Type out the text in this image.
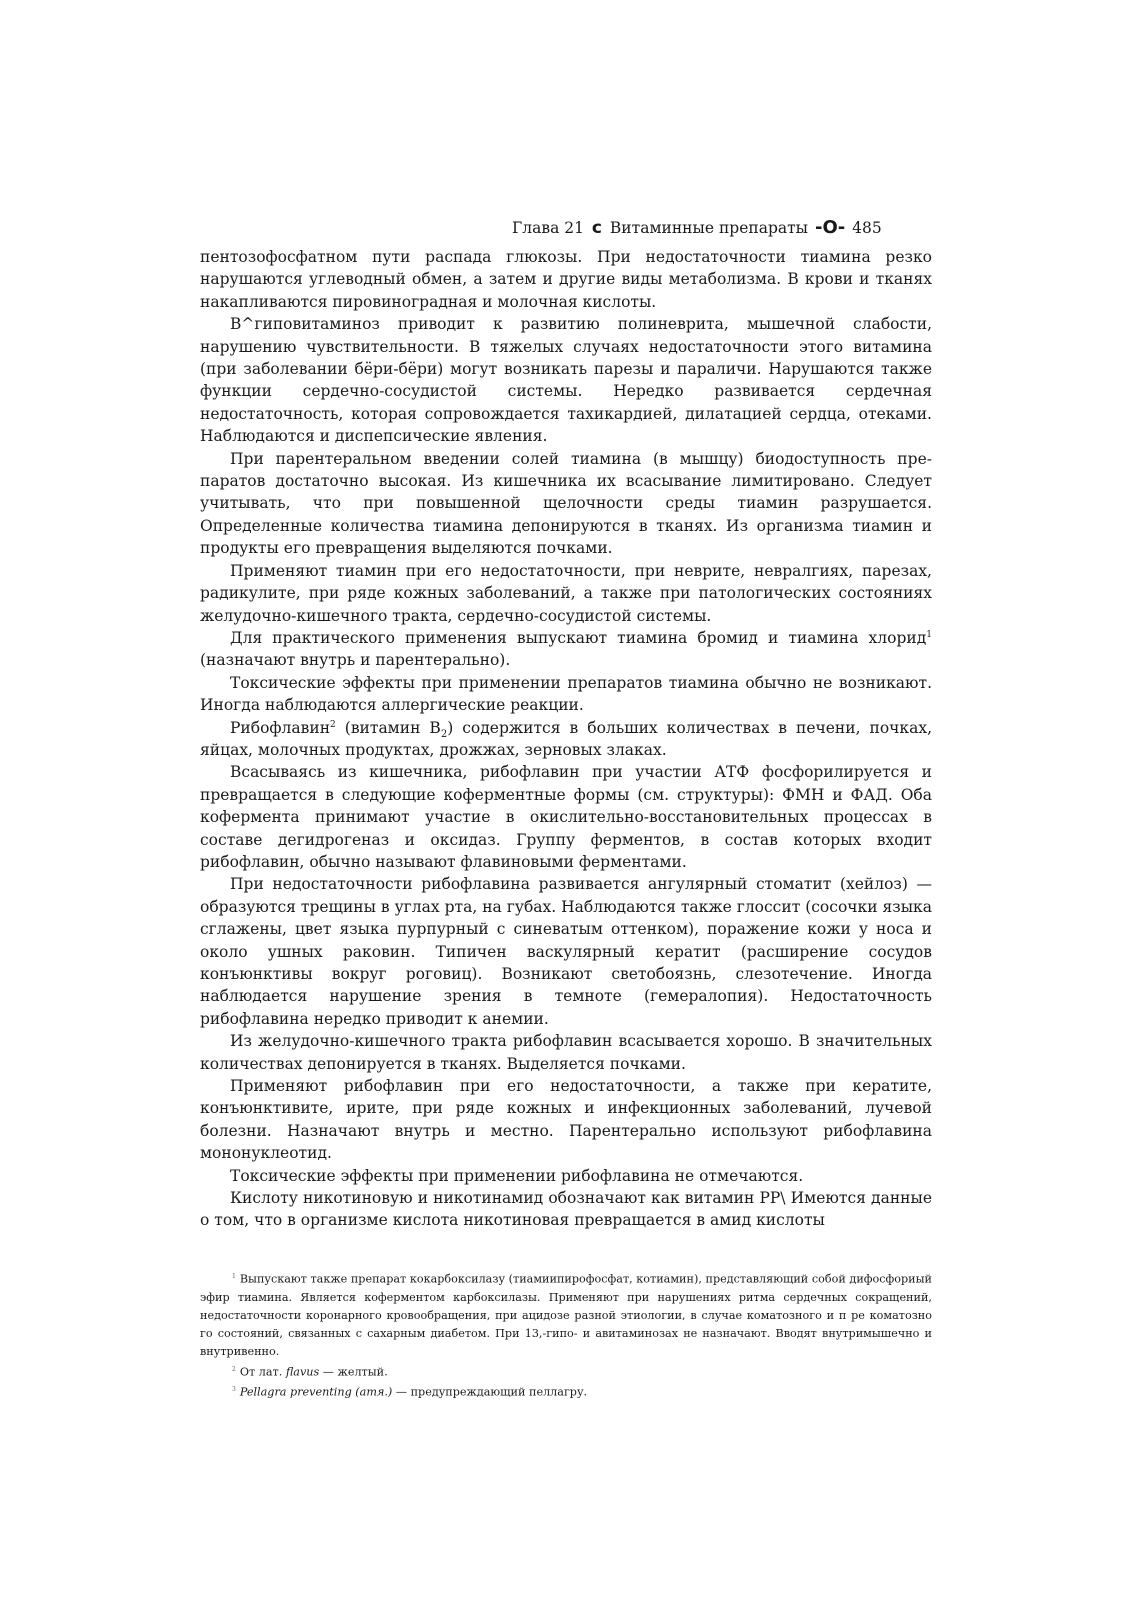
Глава 21 с Витаминные препараты -О- 485

пентозофосфатном пути распада глюкозы. При недостаточности тиамина резко нарушаются углеводный обмен, а затем и другие виды метаболизма. В крови и тканях накапливаются пировиноградная и молочная кислоты.

В^гиповитаминоз приводит к развитию полиневрита, мышечной слабости, нарушению чувствительности. В тяжелых случаях недостаточности этого витамина (при заболевании бёри-бёри) могут возникать парезы и параличи. Нарушаются также функции сердечно-сосудистой системы. Нередко развивается сердечная недостаточность, которая сопровождается тахикардией, дилатацией сердца, отеками. Наблюдаются и диспепсические явления.

При парентеральном введении солей тиамина (в мышцу) биодоступность препаратов достаточно высокая. Из кишечника их всасывание лимитировано. Следует учитывать, что при повышенной щелочности среды тиамин разрушается. Определенные количества тиамина депонируются в тканях. Из организма тиамин и продукты его превращения выделяются почками.

Применяют тиамин при его недостаточности, при неврите, невралгиях, парезах, радикулите, при ряде кожных заболеваний, а также при патологических состояниях желудочно-кишечного тракта, сердечно-сосудистой системы.

Для практического применения выпускают тиамина бромид и тиамина хлорид$^1$ (назначают внутрь и парентерально).

Токсические эффекты при применении препаратов тиамина обычно не возникают. Иногда наблюдаются аллергические реакции.

Рибофлавин$^2$ (витамин $В_2$) содержится в больших количествах в печени, почках, яйцах, молочных продуктах, дрожжах, зерновых злаках.

Всасываясь из кишечника, рибофлавин при участии АТФ фосфорилируется и превращается в следующие коферментные формы (см. структуры): ФМН и ФАД. Оба кофермента принимают участие в окислительно-восстановительных процессах в составе дегидрогеназ и оксидаз. Группу ферментов, в состав которых входит рибофлавин, обычно называют флавиновыми ферментами.

При недостаточности рибофлавина развивается ангулярный стоматит (хейлоз) — образуются трещины в углах рта, на губах. Наблюдаются также глоссит (сосочки языка сглажены, цвет языка пурпурный с синеватым оттенком), поражение кожи у носа и около ушных раковин. Типичен васкулярный кератит (расширение сосудов конъюнктивы вокруг роговиц). Возникают светобоязнь, слезотечение. Иногда наблюдается нарушение зрения в темноте (гемералопия). Недостаточность рибофлавина нередко приводит к анемии.

Из желудочно-кишечного тракта рибофлавин всасывается хорошо. В значительных количествах депонируется в тканях. Выделяется почками.

Применяют рибофлавин при его недостаточности, а также при кератите, конъюнктивите, ирите, при ряде кожных и инфекционных заболеваний, лучевой болезни. Назначают внутрь и местно. Парентерально используют рибофлавина мононуклеотид.

Токсические эффекты при применении рибофлавина не отмечаются.

Кислоту никотиновую и никотинамид обозначают как витамин РР\ Имеются данные о том, что в организме кислота никотиновая превращается в амид кислоты

$^1$ Выпускают также препарат кокарбоксилазу (тиамиипирофосфат, котиамин), представляющий собой дифосфориый эфир тиамина. Является коферментом карбоксилазы. Применяют при нарушениях ритма сердечных сокращений, недостаточности коронарного кровообращения, при ацидозе разной этиологии, в случае коматозного и п ре коматозно го состояний, связанных с сахарным диабетом. При 13,-гипо- и авитаминозах не назначают. Вводят внутримышечно и внутривенно.

$^2$ От лат. flavus — желтый.

$^3$ Pellagra preventing (атя.) — предупреждающий пеллагру.
